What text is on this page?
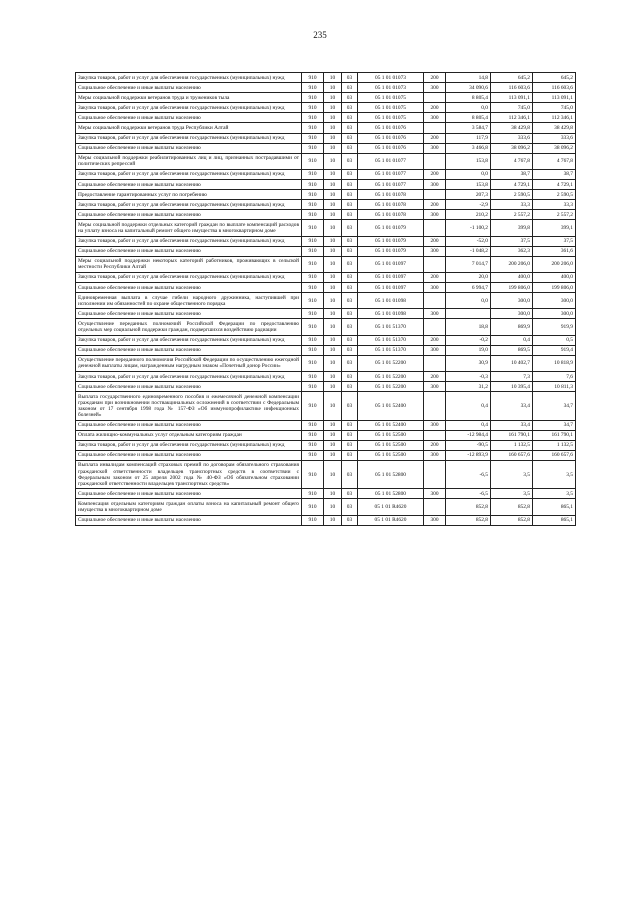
235
Закупка товаров, работ и услуг для обеспечения государственных (муниципальных) нужд	910	10	03	05 1 01 01073	200	14,8	645,2	645,2
Социальное обеспечение и иные выплаты населению	910	10	03	05 1 01 01073	300	34 090,6	116 603,6	116 603,6
Меры социальной поддержки ветеранов труда и тружеников тыла	910	10	03	05 1 01 01075		8 805,4	113 091,1	113 091,1
Закупка товаров, работ и услуг для обеспечения государственных (муниципальных) нужд	910	10	03	05 1 01 01075	200	0,0	745,0	745,0
Социальное обеспечение и иные выплаты населению	910	10	03	05 1 01 01075	300	8 805,4	112 346,1	112 346,1
Меры социальной поддержки ветеранов труда Республики Алтай	910	10	03	05 1 01 01076		3 584,7	38 429,8	38 429,8
Закупка товаров, работ и услуг для обеспечения государственных (муниципальных) нужд	910	10	03	05 1 01 01076	200	117,9	333,6	333,6
Социальное обеспечение и иные выплаты населению	910	10	03	05 1 01 01076	300	3 466,8	38 096,2	38 096,2
Меры социальной поддержки реабилитированных лиц и лиц, признанных пострадавшими от политических репрессий	910	10	03	05 1 01 01077		153,8	4 767,8	4 767,8
Закупка товаров, работ и услуг для обеспечения государственных (муниципальных) нужд	910	10	03	05 1 01 01077	200	0,0	38,7	38,7
Социальное обеспечение и иные выплаты населению	910	10	03	05 1 01 01077	300	153,8	4 729,1	4 729,1
Предоставление гарантированных услуг по погребению	910	10	03	05 1 01 01078		207,3	2 590,5	2 590,5
Закупка товаров, работ и услуг для обеспечения государственных (муниципальных) нужд	910	10	03	05 1 01 01078	200	-2,9	33,3	33,3
Социальное обеспечение и иные выплаты населению	910	10	03	05 1 01 01078	300	210,2	2 557,2	2 557,2
Меры социальной поддержки отдельных категорий граждан по выплате компенсаций расходов на уплату взноса на капитальный ремонт общего имущества в многоквартирном доме	910	10	03	05 1 01 01079		-1 100,2	399,8	399,1
Закупка товаров, работ и услуг для обеспечения государственных (муниципальных) нужд	910	10	03	05 1 01 01079	200	-52,0	37,5	37,5
Социальное обеспечение и иные выплаты населению	910	10	03	05 1 01 01079	300	-1 048,2	362,3	361,6
Меры социальной поддержки некоторых категорий работников, проживающих в сельской местности Республики Алтай	910	10	03	05 1 01 01097		7 014,7	200 206,0	200 206,0
Закупка товаров, работ и услуг для обеспечения государственных (муниципальных) нужд	910	10	03	05 1 01 01097	200	20,0	400,0	400,0
Социальное обеспечение и иные выплаты населению	910	10	03	05 1 01 01097	300	6 994,7	199 806,0	199 806,0
Единовременная выплата в случае гибели народного дружинника, наступившей при исполнении им обязанностей по охране общественного порядка	910	10	03	05 1 01 01098		0,0	300,0	300,0
Социальное обеспечение и иные выплаты населению	910	10	03	05 1 01 01098	300		300,0	300,0
Осуществление переданных полномочий Российской Федерации по предоставлению отдельных мер социальной поддержки граждан, подвергшихся воздействию радиации	910	10	03	05 1 01 51370		18,8	869,9	919,9
Закупка товаров, работ и услуг для обеспечения государственных (муниципальных) нужд	910	10	03	05 1 01 51370	200	-0,2	0,4	0,5
Социальное обеспечение и иные выплаты населению	910	10	03	05 1 01 51370	300	19,0	869,5	919,4
Осуществление переданного полномочия Российской Федерации по осуществлению ежегодной денежной выплаты лицам, награжденным нагрудным знаком «Почетный донор России»	910	10	03	05 1 01 52200		30,9	10 402,7	10 818,9
Закупка товаров, работ и услуг для обеспечения государственных (муниципальных) нужд	910	10	03	05 1 01 52200	200	-0,3	7,3	7,6
Социальное обеспечение и иные выплаты населению	910	10	03	05 1 01 52200	300	31,2	10 395,4	10 811,3
Выплата государственного единовременного пособия и ежемесячной денежной компенсации гражданам при возникновении поствакцинальных осложнений в соответствии с Федеральным законом от 17 сентября 1998 года № 157-ФЗ «Об иммунопрофилактике инфекционных болезней»	910	10	03	05 1 01 52400		0,4	33,4	34,7
Социальное обеспечение и иные выплаты населению	910	10	03	05 1 01 52400	300	0,4	33,4	34,7
Оплата жилищно-коммунальных услуг отдельным категориям граждан	910	10	03	05 1 01 52500		-12 984,4	161 790,1	161 790,1
Закупка товаров, работ и услуг для обеспечения государственных (муниципальных) нужд	910	10	03	05 1 01 52500	200	-90,5	1 132,5	1 132,5
Социальное обеспечение и иные выплаты населению	910	10	03	05 1 01 52500	300	-12 893,9	160 657,6	160 657,6
Выплата инвалидам компенсаций страховых премий по договорам обязательного страхования гражданской ответственности владельцев транспортных средств в соответствии с Федеральным законом от 25 апреля 2002 года № 40-ФЗ «Об обязательном страховании гражданской ответственности владельцев транспортных средств»	910	10	03	05 1 01 52800		-6,5	3,5	3,5
Социальное обеспечение и иные выплаты населению	910	10	03	05 1 01 52800	300	-6,5	3,5	3,5
Компенсация отдельным категориям граждан оплаты взноса на капитальный ремонт общего имущества в многоквартирном доме	910	10	03	05 1 01 R4620		852,8	852,8	865,1
Социальное обеспечение и иные выплаты населению	910	10	03	05 1 01 R4620	300	852,8	852,8	865,1
